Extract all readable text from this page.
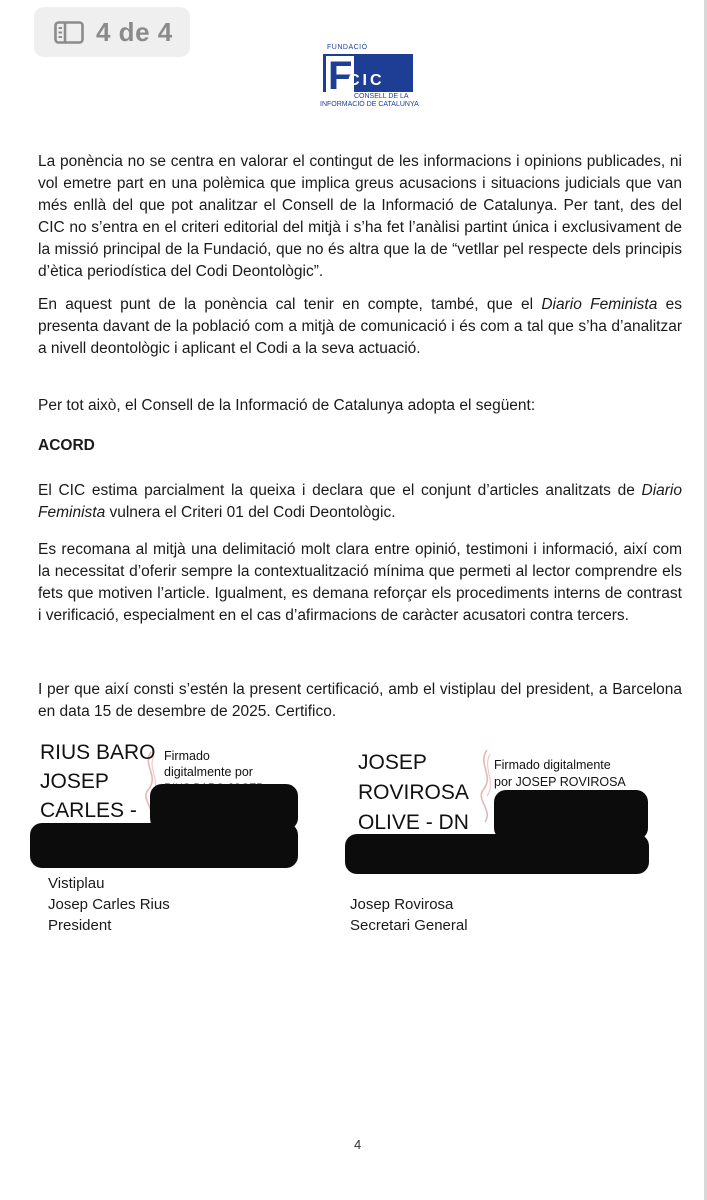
4 de 4
FUNDACIÓ
F
CIC
CONSELL DE LA
INFORMACIÓ DE CATALUNYA

La ponència no se centra en valorar el contingut de les informacions i opinions publicades, ni vol emetre part en una polèmica que implica greus acusacions i situacions judicials que van més enllà del que pot analitzar el Consell de la Informació de Catalunya. Per tant, des del CIC no s’entra en el criteri editorial del mitjà i s’ha fet l’anàlisi partint única i exclusivament de la missió principal de la Fundació, que no és altra que la de “vetllar pel respecte dels principis d’ètica periodística del Codi Deontològic”.

En aquest punt de la ponència cal tenir en compte, també, que el Diario Feminista es presenta davant de la població com a mitjà de comunicació i és com a tal que s’ha d’analitzar a nivell deontològic i aplicant el Codi a la seva actuació.

Per tot això, el Consell de la Informació de Catalunya adopta el següent:

ACORD

El CIC estima parcialment la queixa i declara que el conjunt d’articles analitzats de Diario Feminista vulnera el Criteri 01 del Codi Deontològic.

Es recomana al mitjà una delimitació molt clara entre opinió, testimoni i informació, així com la necessitat d’oferir sempre la contextualització mínima que permeti al lector comprendre els fets que motiven l’article. Igualment, es demana reforçar els procediments interns de contrast i verificació, especialment en el cas d’afirmacions de caràcter acusatori contra tercers.

I per que així consti s’estén la present certificació, amb el vistiplau del president, a Barcelona en data 15 de desembre de 2025. Certifico.

RIUS BARO
JOSEP
CARLES -
Firmado
digitalmente por	JOSEP
ROVIROSA
OLIVE - DN
Firmado digitalmente
por JOSEP ROVIROSA
Vistiplau
Josep Carles Rius
President
Josep Rovirosa
Secretari General
4
